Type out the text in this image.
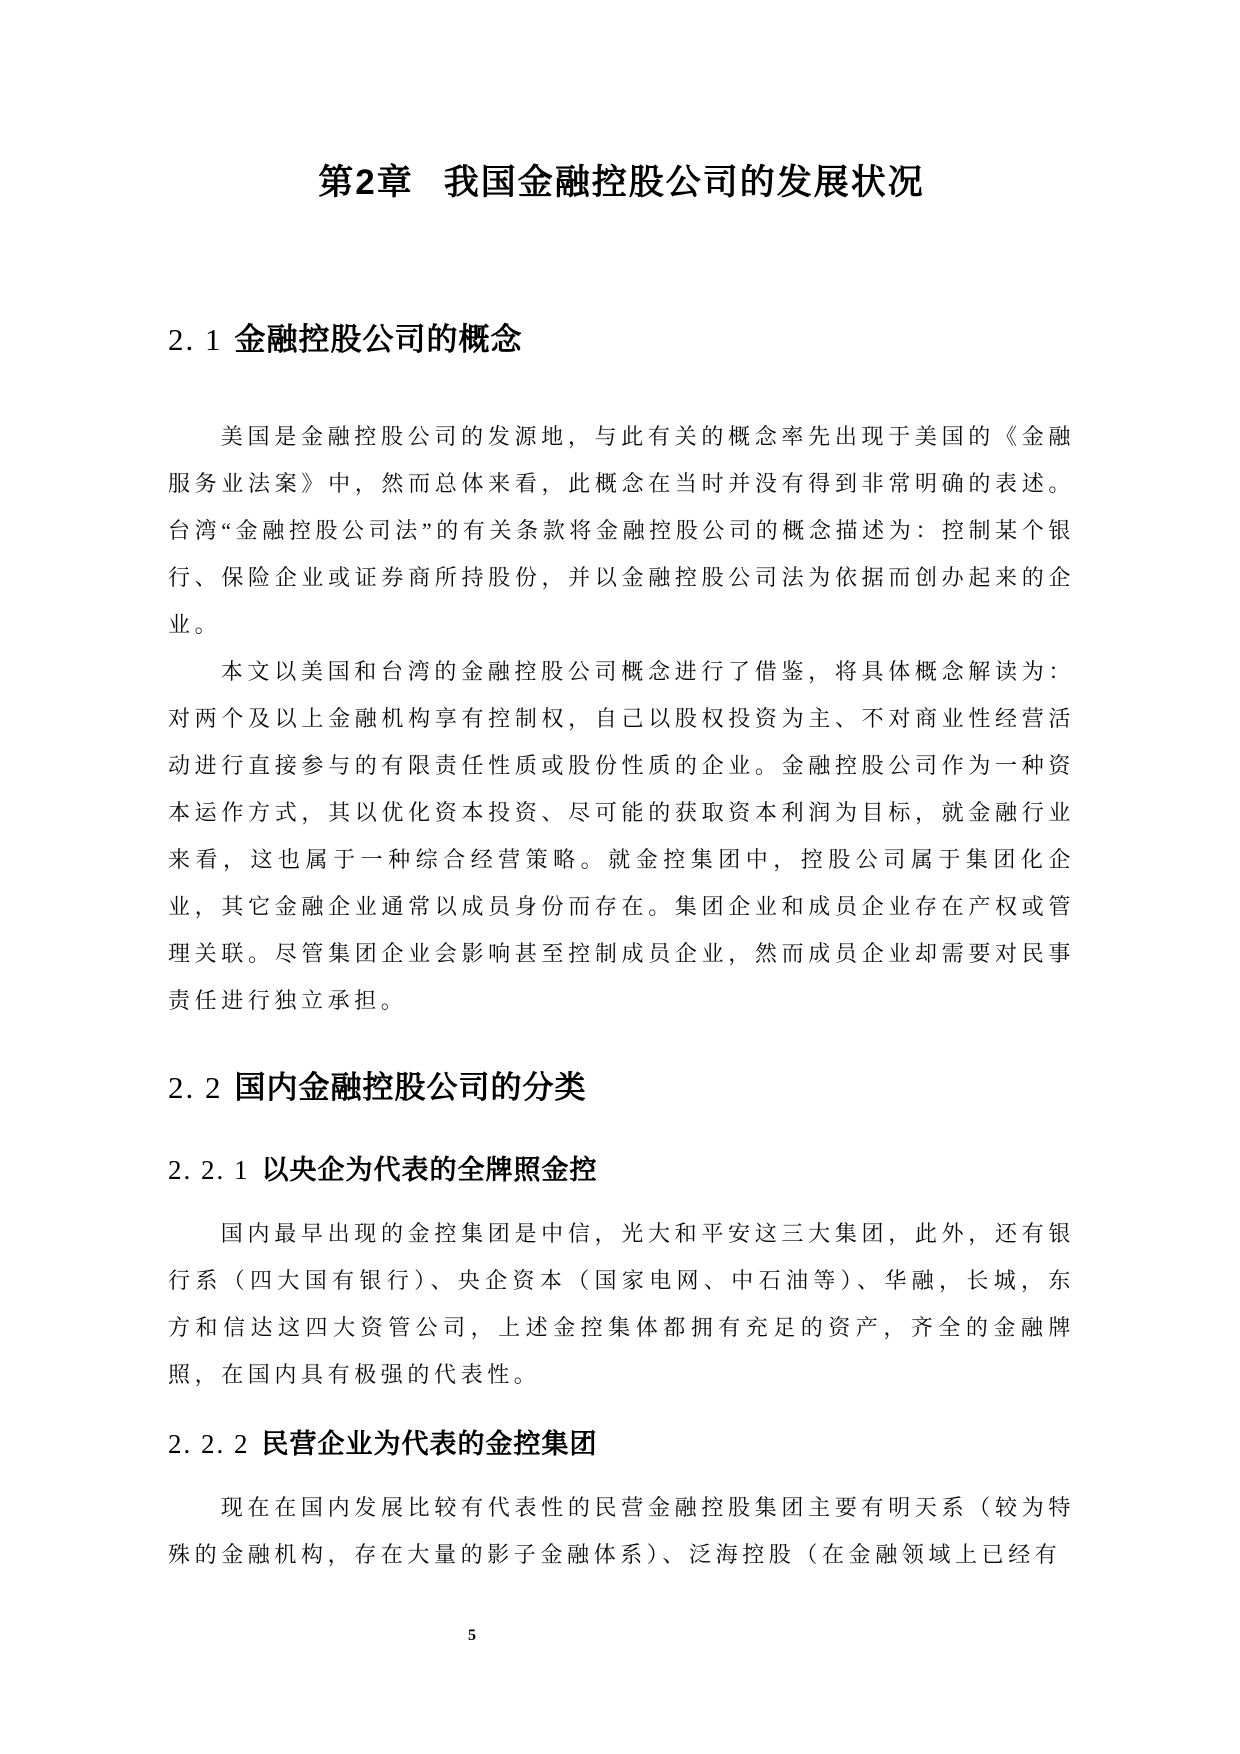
第2章 我国金融控股公司的发展状况
2. 1 金融控股公司的概念

美国是金融控股公司的发源地，与此有关的概念率先出现于美国的《金融服务业法案》中，然而总体来看，此概念在当时并没有得到非常明确的表述。台湾“金融控股公司法”的有关条款将金融控股公司的概念描述为：控制某个银行、保险企业或证券商所持股份，并以金融控股公司法为依据而创办起来的企业。

本文以美国和台湾的金融控股公司概念进行了借鉴，将具体概念解读为：对两个及以上金融机构享有控制权，自己以股权投资为主、不对商业性经营活动进行直接参与的有限责任性质或股份性质的企业。金融控股公司作为一种资本运作方式，其以优化资本投资、尽可能的获取资本利润为目标，就金融行业来看，这也属于一种综合经营策略。就金控集团中，控股公司属于集团化企业，其它金融企业通常以成员身份而存在。集团企业和成员企业存在产权或管理关联。尽管集团企业会影响甚至控制成员企业，然而成员企业却需要对民事责任进行独立承担。

2. 2 国内金融控股公司的分类
2. 2. 1 以央企为代表的全牌照金控

国内最早出现的金控集团是中信，光大和平安这三大集团，此外，还有银行系（四大国有银行）、央企资本（国家电网、中石油等）、华融，长城，东方和信达这四大资管公司，上述金控集体都拥有充足的资产，齐全的金融牌照，在国内具有极强的代表性。

2. 2. 2 民营企业为代表的金控集团

现在在国内发展比较有代表性的民营金融控股集团主要有明天系（较为特殊的金融机构，存在大量的影子金融体系）、泛海控股（在金融领域上已经有

5
